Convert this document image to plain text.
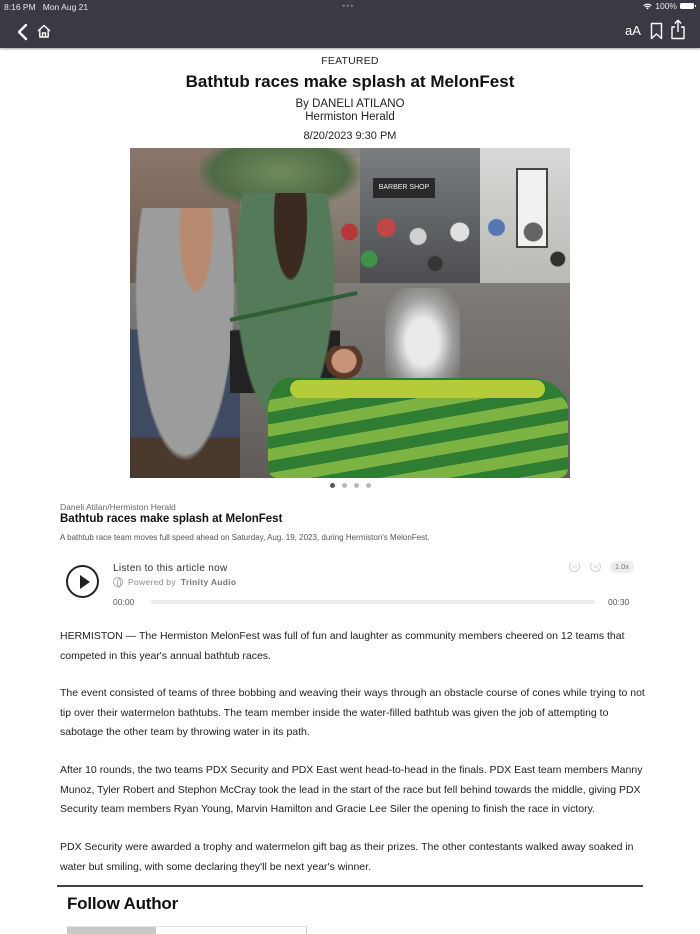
8:16 PM Mon Aug 21	•••	100%
aA
FEATURED
Bathtub races make splash at MelonFest
By DANELI ATILANO
Hermiston Herald
8/20/2023 9:30 PM
BARBER SHOP
Daneli Atilan/Hermiston Herald
Bathtub races make splash at MelonFest
A bathtub race team moves full speed ahead on Saturday, Aug. 19, 2023, during Hermiston's MelonFest.
Listen to this article now
Powered by Trinity Audio
10	10	1.0x
00:00	00:30

HERMISTON — The Hermiston MelonFest was full of fun and laughter as community members cheered on 12 teams that competed in this year's annual bathtub races.

The event consisted of teams of three bobbing and weaving their ways through an obstacle course of cones while trying to not tip over their watermelon bathtubs. The team member inside the water-filled bathtub was given the job of attempting to sabotage the other team by throwing water in its path.

After 10 rounds, the two teams PDX Security and PDX East went head-to-head in the finals. PDX East team members Manny Munoz, Tyler Robert and Stephon McCray took the lead in the start of the race but fell behind towards the middle, giving PDX Security team members Ryan Young, Marvin Hamilton and Gracie Lee Siler the opening to finish the race in victory.

PDX Security were awarded a trophy and watermelon gift bag as their prizes. The other contestants walked away soaked in water but smiling, with some declaring they'll be next year's winner.

Follow Author
